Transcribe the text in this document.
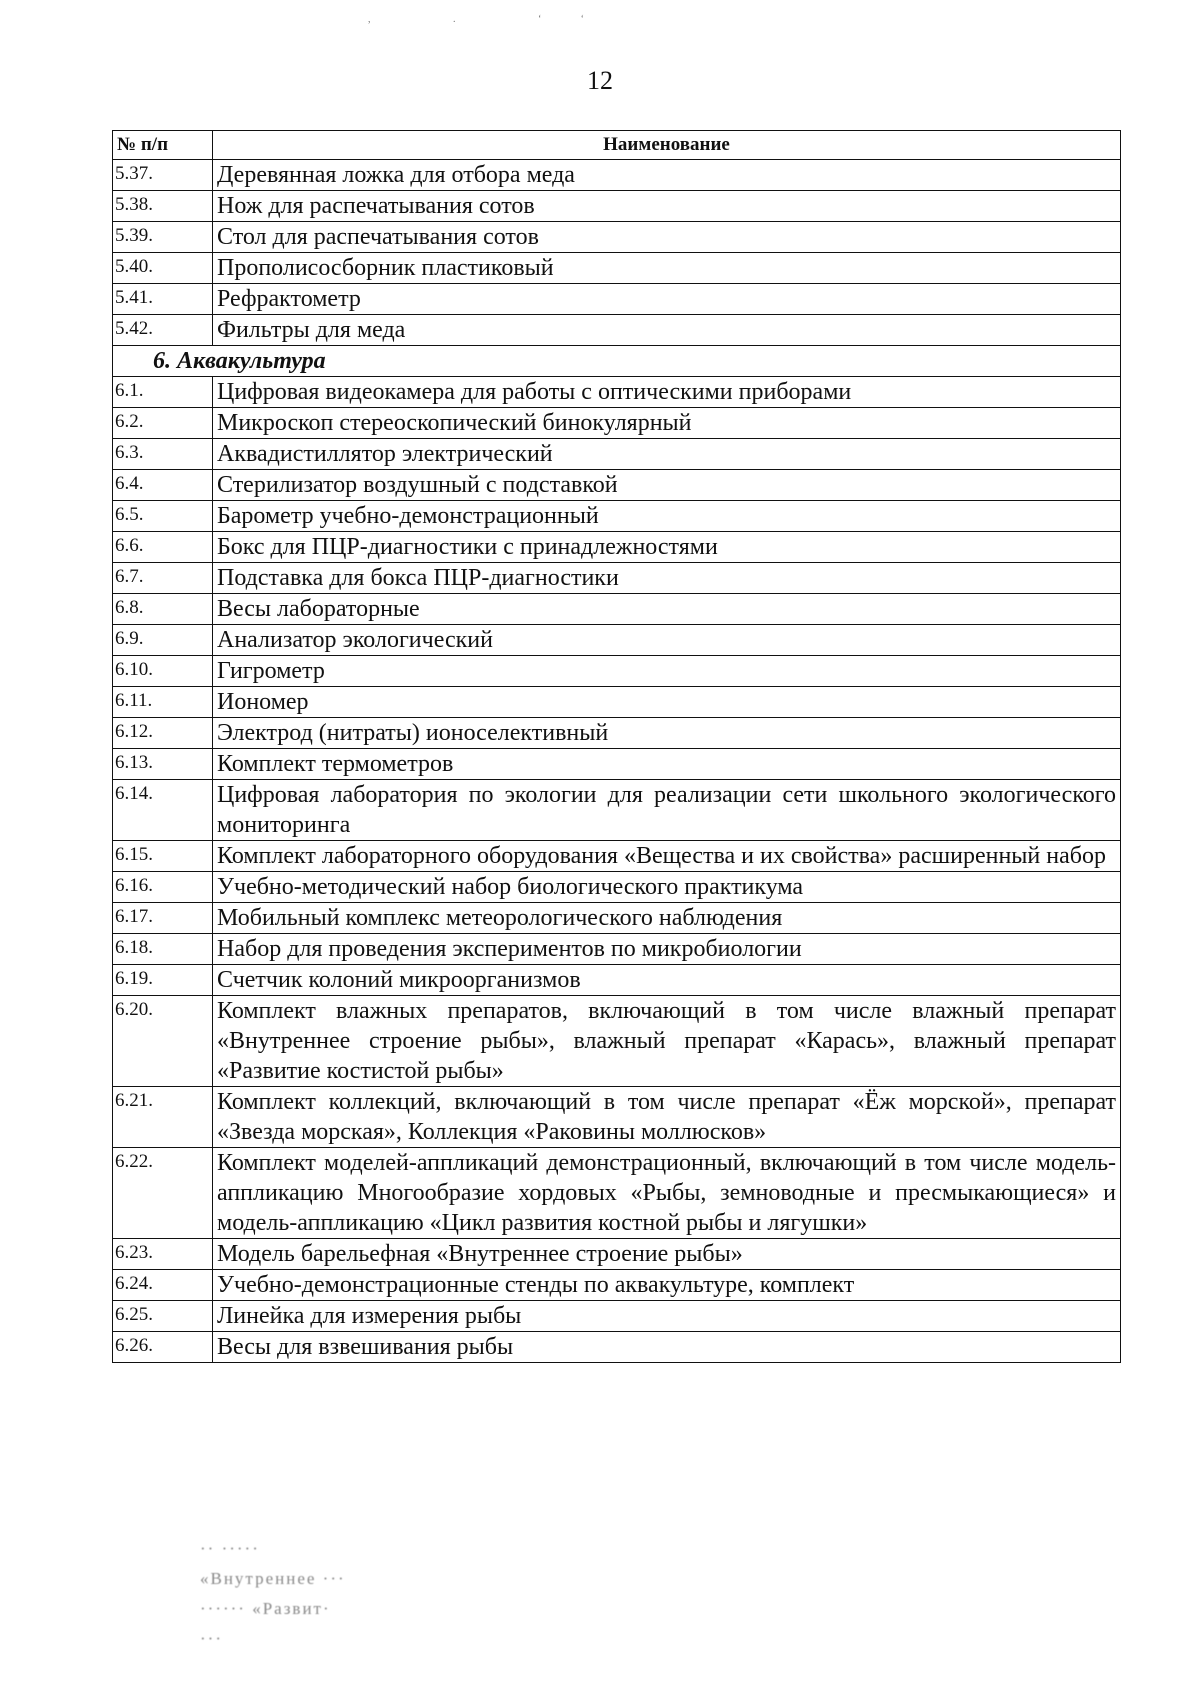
, . ‘‘
12
№ п/п	Наименование
5.37.	Деревянная ложка для отбора меда
5.38.	Нож для распечатывания сотов
5.39.	Стол для распечатывания сотов
5.40.	Прополисосборник пластиковый
5.41.	Рефрактометр
5.42.	Фильтры для меда
6. Аквакультура	
6.1.	Цифровая видеокамера для работы с оптическими приборами
6.2.	Микроскоп стереоскопический бинокулярный
6.3.	Аквадистиллятор электрический
6.4.	Стерилизатор воздушный с подставкой
6.5.	Барометр учебно-демонстрационный
6.6.	Бокс для ПЦР-диагностики с принадлежностями
6.7.	Подставка для бокса ПЦР-диагностики
6.8.	Весы лабораторные
6.9.	Анализатор экологический
6.10.	Гигрометр
6.11.	Иономер
6.12.	Электрод (нитраты) ионоселективный
6.13.	Комплект термометров
6.14.	Цифровая лаборатория по экологии для реализации сети школьного экологического мониторинга
6.15.	Комплект лабораторного оборудования «Вещества и их свойства» расширенный набор
6.16.	Учебно-методический набор биологического практикума
6.17.	Мобильный комплекс метеорологического наблюдения
6.18.	Набор для проведения экспериментов по микробиологии
6.19.	Счетчик колоний микроорганизмов
6.20.	Комплект влажных препаратов, включающий в том числе влажный препарат «Внутреннее строение рыбы», влажный препарат «Карась», влажный препарат «Развитие костистой рыбы»
6.21.	Комплект коллекций, включающий в том числе препарат «Ёж морской», препарат «Звезда морская», Коллекция «Раковины моллюсков»
6.22.	Комплект моделей-аппликаций демонстрационный, включающий в том числе модель-аппликацию Многообразие хордовых «Рыбы, земноводные и пресмыкающиеся» и модель-аппликацию «Цикл развития костной рыбы и лягушки»
6.23.	Модель барельефная «Внутреннее строение рыбы»
6.24.	Учебно-демонстрационные стенды по аквакультуре, комплект
6.25.	Линейка для измерения рыбы
6.26.	Весы для взвешивания рыбы
·· ·····
«Внутреннее ···
······ «Развит·
···
